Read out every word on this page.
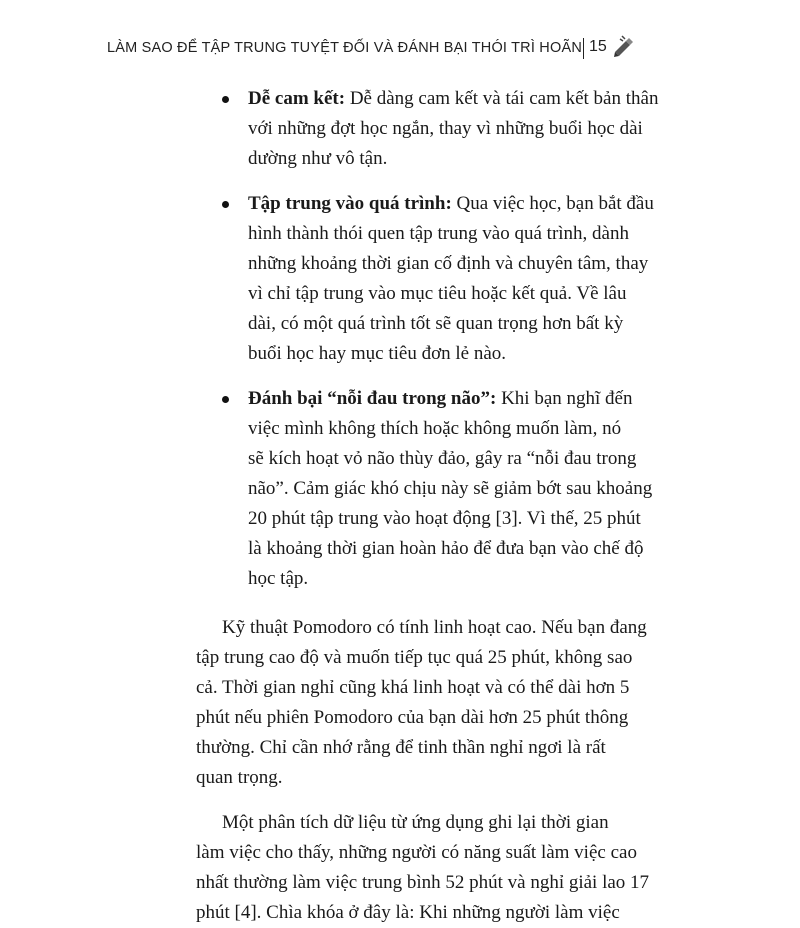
LÀM SAO ĐỂ TẬP TRUNG TUYỆT ĐỐI VÀ ĐÁNH BẠI THÓI TRÌ HOÃN 15
Dễ cam kết: Dễ dàng cam kết và tái cam kết bản thân
với những đợt học ngắn, thay vì những buổi học dài
dường như vô tận.
Tập trung vào quá trình: Qua việc học, bạn bắt đầu
hình thành thói quen tập trung vào quá trình, dành
những khoảng thời gian cố định và chuyên tâm, thay
vì chỉ tập trung vào mục tiêu hoặc kết quả. Về lâu
dài, có một quá trình tốt sẽ quan trọng hơn bất kỳ
buổi học hay mục tiêu đơn lẻ nào.
Đánh bại “nỗi đau trong não”: Khi bạn nghĩ đến
việc mình không thích hoặc không muốn làm, nó
sẽ kích hoạt vỏ não thùy đảo, gây ra “nỗi đau trong
não”. Cảm giác khó chịu này sẽ giảm bớt sau khoảng
20 phút tập trung vào hoạt động [3]. Vì thế, 25 phút
là khoảng thời gian hoàn hảo để đưa bạn vào chế độ
học tập.
Kỹ thuật Pomodoro có tính linh hoạt cao. Nếu bạn đang
tập trung cao độ và muốn tiếp tục quá 25 phút, không sao
cả. Thời gian nghỉ cũng khá linh hoạt và có thể dài hơn 5
phút nếu phiên Pomodoro của bạn dài hơn 25 phút thông
thường. Chỉ cần nhớ rằng để tinh thần nghỉ ngơi là rất
quan trọng.
Một phân tích dữ liệu từ ứng dụng ghi lại thời gian
làm việc cho thấy, những người có năng suất làm việc cao
nhất thường làm việc trung bình 52 phút và nghỉ giải lao 17
phút [4]. Chìa khóa ở đây là: Khi những người làm việc
